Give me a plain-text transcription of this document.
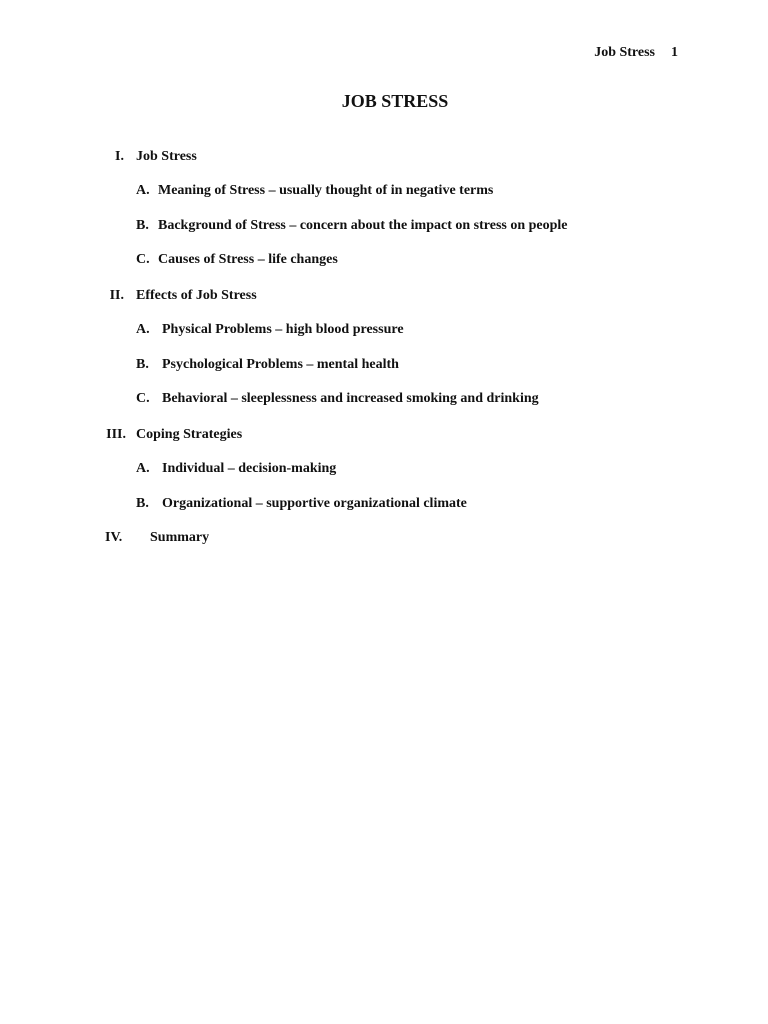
Job Stress 1
JOB STRESS
I. Job Stress
A. Meaning of Stress – usually thought of in negative terms
B. Background of Stress – concern about the impact on stress on people
C. Causes of Stress – life changes
II. Effects of Job Stress
A. Physical Problems – high blood pressure
B. Psychological Problems – mental health
C. Behavioral – sleeplessness and increased smoking and drinking
III. Coping Strategies
A. Individual – decision-making
B. Organizational – supportive organizational climate
IV. Summary
